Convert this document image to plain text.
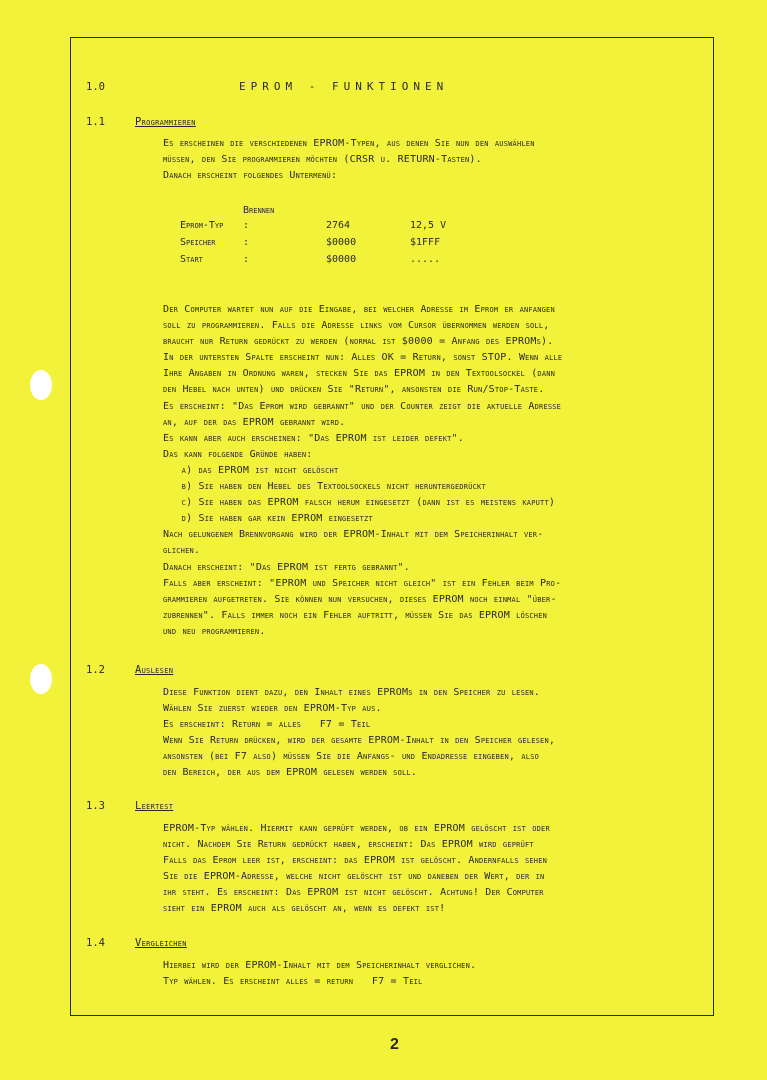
1.0	EPROM - FUNKTIONEN
1.1	Programmieren
Es erscheinen die verschiedenen EPROM-Typen, aus denen Sie nun den auswählen
müssen, den Sie programmieren möchten (CRSR u. RETURN-Tasten).
Danach erscheint folgendes Untermenü:
Brennen
Eprom-Typ :	2764	12,5 V
Speicher	:	$0000	$1FFF
Start	:	$0000	.....
Der Computer wartet nun auf die Eingabe, bei welcher Adresse im Eprom er anfangen
soll zu programmieren. Falls die Adresse links vom Cursor übernommen werden soll,
braucht nur Return gedrückt zu werden (normal ist $0000 = Anfang des EPROMs).
In der untersten Spalte erscheint nun: Alles OK = Return, sonst STOP. Wenn alle
Ihre Angaben in Ordnung waren, stecken Sie das EPROM in den Textoolsockel (dann
den Hebel nach unten) und drücken Sie "Return", ansonsten die Run/Stop-Taste.
Es erscheint: "Das Eprom wird gebrannt" und der Counter zeigt die aktuelle Adresse
an, auf der das EPROM gebrannt wird.
Es kann aber auch erscheinen: "Das EPROM ist leider defekt".
Das kann folgende Gründe haben:
a) das EPROM ist nicht gelöscht
b) Sie haben den Hebel des Textoolsockels nicht heruntergedrückt
c) Sie haben das EPROM falsch herum eingesetzt (dann ist es meistens kaputt)
d) Sie haben gar kein EPROM eingesetzt
Nach gelungenem Brennvorgang wird der EPROM-Inhalt mit dem Speicherinhalt ver-
glichen.
Danach erscheint: "Das EPROM ist fertg gebrannt".
Falls aber erscheint: "EPROM und Speicher nicht gleich" ist ein Fehler beim Pro-
grammieren aufgetreten. Sie können nun versuchen, dieses EPROM noch einmal "über-
zubrennen". Falls immer noch ein Fehler auftritt, müssen Sie das EPROM löschen
und neu programmieren.
1.2	Auslesen
Diese Funktion dient dazu, den Inhalt eines EPROMs in den Speicher zu lesen.
Wählen Sie zuerst wieder den EPROM-Typ aus.
Es erscheint: Return = alles   F7 = Teil
Wenn Sie Return drücken, wird der gesamte EPROM-Inhalt in den Speicher gelesen,
ansonsten (bei F7 also) müssen Sie die Anfangs- und Endadresse eingeben, also
den Bereich, der aus dem EPROM gelesen werden soll.
1.3	Leertest
EPROM-Typ wählen. Hiermit kann geprüft werden, ob ein EPROM gelöscht ist oder
nicht. Nachdem Sie Return gedrückt haben, erscheint: Das EPROM wird geprüft
Falls das Eprom leer ist, erscheint: das EPROM ist gelöscht. Andernfalls sehen
Sie die EPROM-Adresse, welche nicht gelöscht ist und daneben der Wert, der in
ihr steht. Es erscheint: Das EPROM ist nicht gelöscht. Achtung! Der Computer
sieht ein EPROM auch als gelöscht an, wenn es defekt ist!
1.4	Vergleichen
Hierbei wird der EPROM-Inhalt mit dem Speicherinhalt verglichen.
Typ wählen. Es erscheint alles = return   F7 = Teil
2
